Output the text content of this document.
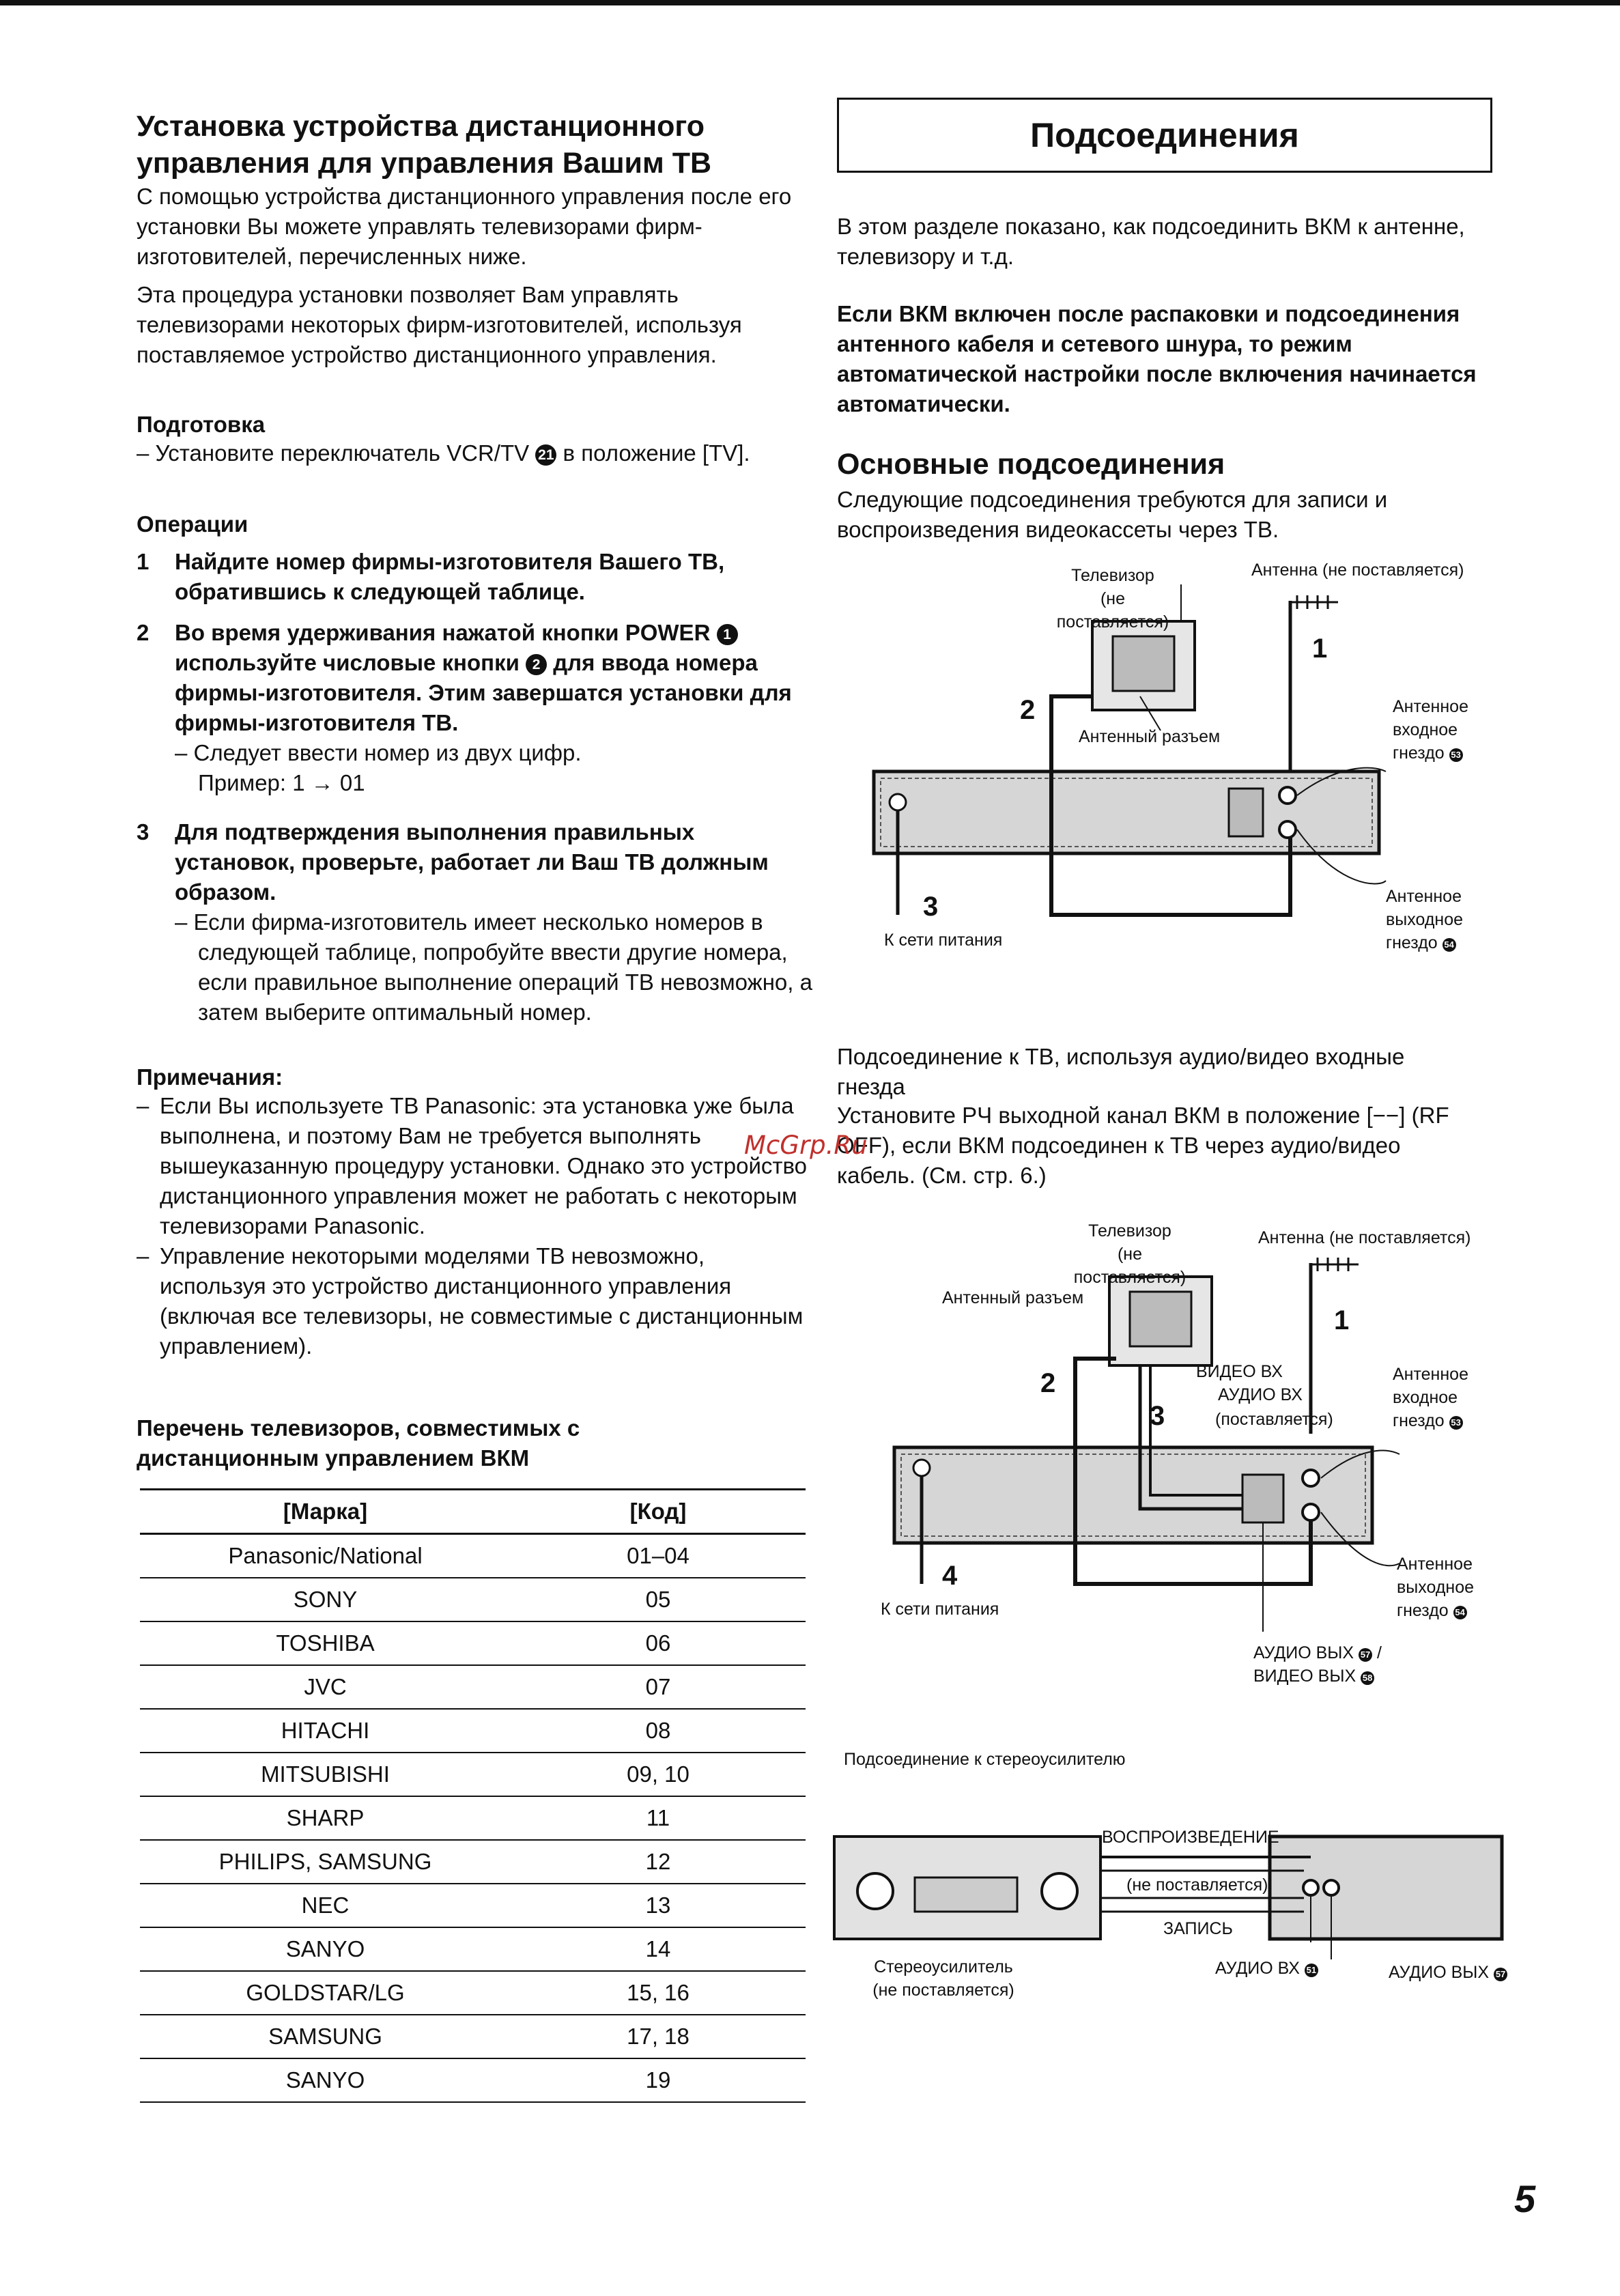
Установка устройства дистанционного управления для управления Вашим ТВ
С помощью устройства дистанционного управления после его установки Вы можете управлять телевизорами фирм-изготовителей, перечисленных ниже.
Эта процедура установки позволяет Вам управлять телевизорами некоторых фирм-изготовителей, используя поставляемое устройство дистанционного управления.
Подготовка
– Установите переключатель VCR/TV 21 в положение [TV].
Операции
1 Найдите номер фирмы-изготовителя Вашего ТВ, обратившись к следующей таблице.
2 Во время удерживания нажатой кнопки POWER 1 используйте числовые кнопки 2 для ввода номера фирмы-изготовителя. Этим завершатся установки для фирмы-изготовителя ТВ.
– Следует ввести номер из двух цифр.
Пример: 1 → 01
3 Для подтверждения выполнения правильных установок, проверьте, работает ли Ваш ТВ должным образом.
– Если фирма-изготовитель имеет несколько номеров в следующей таблице, попробуйте ввести другие номера, если правильное выполнение операций ТВ невозможно, а затем выберите оптимальный номер.
Примечания:
– Если Вы используете ТВ Panasonic: эта установка уже была выполнена, и поэтому Вам не требуется выполнять вышеуказанную процедуру установки. Однако это устройство дистанционного управления может не работать с некоторым телевизорами Panasonic.
– Управление некоторыми моделями ТВ невозможно, используя это устройство дистанционного управления (включая все телевизоры, не совместимые с дистанционным управлением).
Перечень телевизоров, совместимых с дистанционным управлением ВКМ
[Марка]	[Код]
Panasonic/National	01–04
SONY	05
TOSHIBA	06
JVC	07
HITACHI	08
MITSUBISHI	09, 10
SHARP	11
PHILIPS, SAMSUNG	12
NEC	13
SANYO	14
GOLDSTAR/LG	15, 16
SAMSUNG	17, 18
SANYO	19
Подсоединения
В этом разделе показано, как подсоединить ВКМ к антенне, телевизору и т.д.
Если ВКМ включен после распаковки и подсоединения антенного кабеля и сетевого шнура, то режим автоматической настройки после включения начинается автоматически.
Основные подсоединения
Следующие подсоединения требуются для записи и воспроизведения видеокассеты через ТВ.
Телевизор
(не поставляется)
Антенна (не поставляется)
Антенный разъем
Антенное входное гнездо 53
Антенное выходное гнездо 54
К сети питания
1
2
3
Подсоединение к ТВ, используя аудио/видео входные гнезда
Установите РЧ выходной канал ВКМ в положение [−−] (RF OFF), если ВКМ подсоединен к ТВ через аудио/видео кабель. (См. стр. 6.)
Телевизор
(не поставляется)
Антенна (не поставляется)
Антенный разъем
ВИДЕО ВХ
АУДИО ВХ
(поставляется)
Антенное входное гнездо 53
Антенное выходное гнездо 54
К сети питания
АУДИО ВЫХ 57 /
ВИДЕО ВЫХ 58
1
2
3
4
Подсоединение к стереоусилителю
ВОСПРОИЗВЕДЕНИЕ
(не поставляется)
ЗАПИСЬ
Стереоусилитель
(не поставляется)
АУДИО ВХ 51	АУДИО ВЫХ 57
McGrp.Ru
5
